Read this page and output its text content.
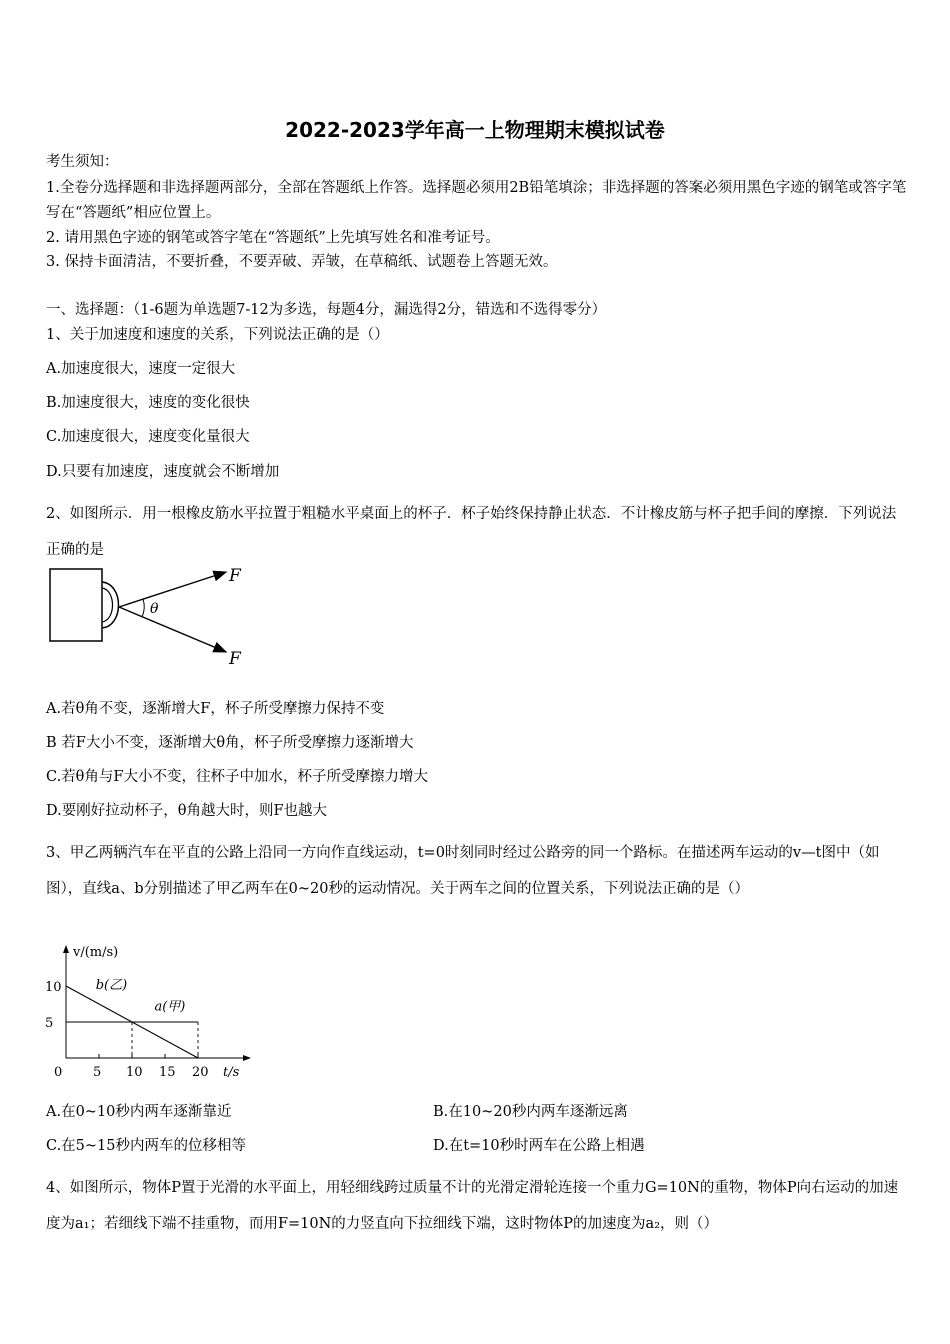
2022-2023学年高一上物理期末模拟试卷
考生须知：
1.全卷分选择题和非选择题两部分，全部在答题纸上作答。选择题必须用2B铅笔填涂；非选择题的答案必须用黑色字迹的钢笔或答字笔写在“答题纸”相应位置上。
2. 请用黑色字迹的钢笔或答字笔在“答题纸”上先填写姓名和准考证号。
3. 保持卡面清洁，不要折叠，不要弄破、弄皱，在草稿纸、试题卷上答题无效。
一、选择题：（1-6题为单选题7-12为多选，每题4分，漏选得2分，错选和不选得零分）
1、关于加速度和速度的关系，下列说法正确的是（）
A.加速度很大，速度一定很大
B.加速度很大，速度的变化很快
C.加速度很大，速度变化量很大
D.只要有加速度，速度就会不断增加
2、如图所示．用一根橡皮筋水平拉置于粗糙水平桌面上的杯子．杯子始终保持静止状态．不计橡皮筋与杯子把手间的摩擦．下列说法正确的是
F
F
θ
A.若θ角不变，逐渐增大F，杯子所受摩擦力保持不变
B 若F大小不变，逐渐增大θ角，杯子所受摩擦力逐渐增大
C.若θ角与F大小不变，往杯子中加水，杯子所受摩擦力增大
D.要刚好拉动杯子，θ角越大时，则F也越大
3、甲乙两辆汽车在平直的公路上沿同一方向作直线运动，t=0时刻同时经过公路旁的同一个路标。在描述两车运动的v—t图中（如图），直线a、b分别描述了甲乙两车在0~20秒的运动情况。关于两车之间的位置关系，下列说法正确的是（）
v/(m/s)
t/s
0 5 10 15 20
5
10
a(甲)
b(乙)
A.在0~10秒内两车逐渐靠近	B.在10~20秒内两车逐渐远离
C.在5~15秒内两车的位移相等	D.在t=10秒时两车在公路上相遇
4、如图所示，物体P置于光滑的水平面上，用轻细线跨过质量不计的光滑定滑轮连接一个重力G=10N的重物，物体P向右运动的加速度为a₁；若细线下端不挂重物，而用F=10N的力竖直向下拉细线下端，这时物体P的加速度为a₂，则（）
